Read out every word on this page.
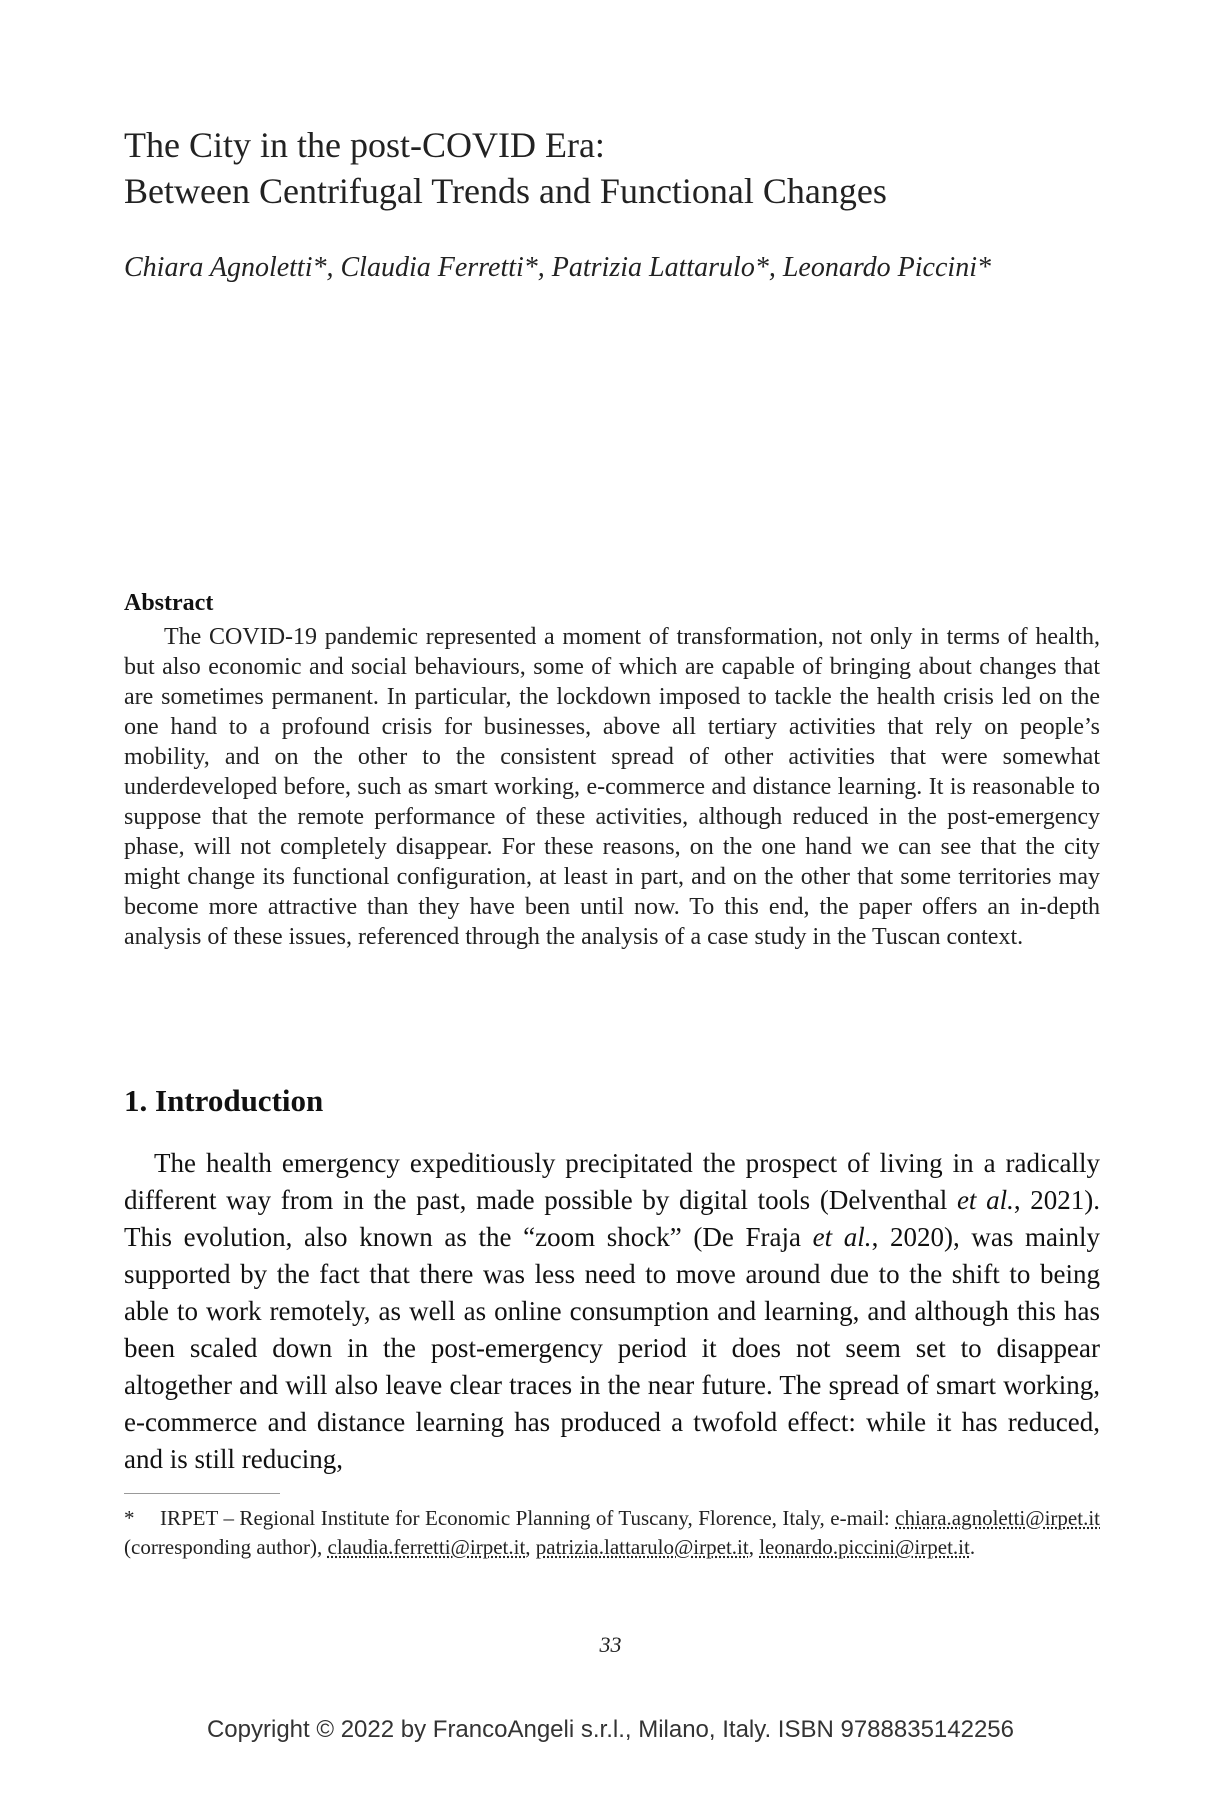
The City in the post-COVID Era:
Between Centrifugal Trends and Functional Changes
Chiara Agnoletti*, Claudia Ferretti*, Patrizia Lattarulo*, Leonardo Piccini*
Abstract

The COVID-19 pandemic represented a moment of transformation, not only in terms of health, but also economic and social behaviours, some of which are capable of bringing about changes that are sometimes permanent. In particular, the lockdown imposed to tackle the health crisis led on the one hand to a profound crisis for businesses, above all tertiary activities that rely on people’s mobility, and on the other to the consistent spread of other activities that were somewhat underdeveloped before, such as smart working, e-commerce and distance learning. It is reasonable to suppose that the remote performance of these activities, although reduced in the post-emergency phase, will not completely disappear. For these reasons, on the one hand we can see that the city might change its functional configuration, at least in part, and on the other that some territories may become more attractive than they have been until now. To this end, the paper offers an in-depth analysis of these issues, referenced through the analysis of a case study in the Tuscan context.

1. Introduction

The health emergency expeditiously precipitated the prospect of living in a radically different way from in the past, made possible by digital tools (Delventhal et al., 2021). This evolution, also known as the “zoom shock” (De Fraja et al., 2020), was mainly supported by the fact that there was less need to move around due to the shift to being able to work remotely, as well as online consumption and learning, and although this has been scaled down in the post-emergency period it does not seem set to disappear altogether and will also leave clear traces in the near future. The spread of smart working, e-commerce and distance learning has produced a twofold effect: while it has reduced, and is still reducing,

* IRPET – Regional Institute for Economic Planning of Tuscany, Florence, Italy, e-mail: chiara.agnoletti@irpet.it (corresponding author), claudia.ferretti@irpet.it, patrizia.lattarulo@irpet.it, leonardo.piccini@irpet.it.
33
Copyright © 2022 by FrancoAngeli s.r.l., Milano, Italy. ISBN 9788835142256
